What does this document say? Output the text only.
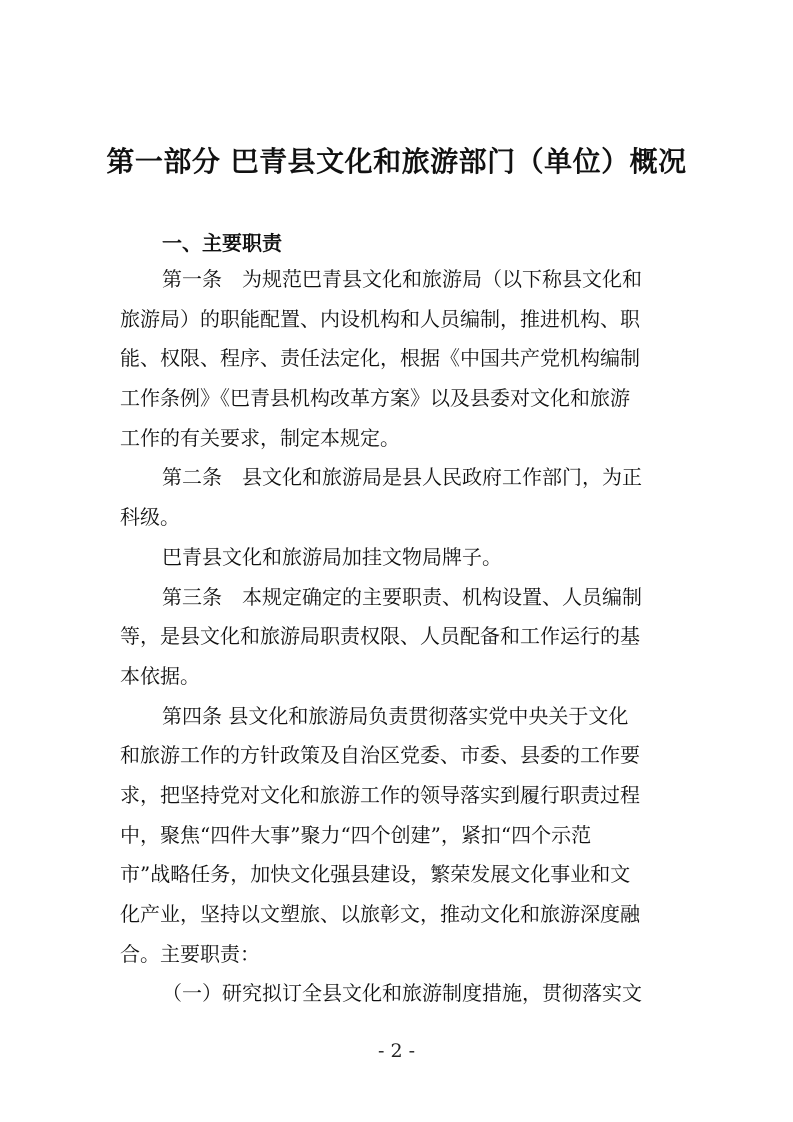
第一部分 巴青县文化和旅游部门（单位）概况
一、主要职责
第一条　为规范巴青县文化和旅游局（以下称县文化和
旅游局）的职能配置、内设机构和人员编制，推进机构、职
能、权限、程序、责任法定化，根据《中国共产党机构编制
工作条例》《巴青县机构改革方案》以及县委对文化和旅游
工作的有关要求，制定本规定。
第二条　县文化和旅游局是县人民政府工作部门，为正
科级。
巴青县文化和旅游局加挂文物局牌子。
第三条　本规定确定的主要职责、机构设置、人员编制
等，是县文化和旅游局职责权限、人员配备和工作运行的基
本依据。
第四条 县文化和旅游局负责贯彻落实党中央关于文化
和旅游工作的方针政策及自治区党委、市委、县委的工作要
求，把坚持党对文化和旅游工作的领导落实到履行职责过程
中，聚焦“四件大事”聚力“四个创建”，紧扣“四个示范
市”战略任务，加快文化强县建设，繁荣发展文化事业和文
化产业，坚持以文塑旅、以旅彰文，推动文化和旅游深度融
合。主要职责：
（一）研究拟订全县文化和旅游制度措施，贯彻落实文
- 2 -
